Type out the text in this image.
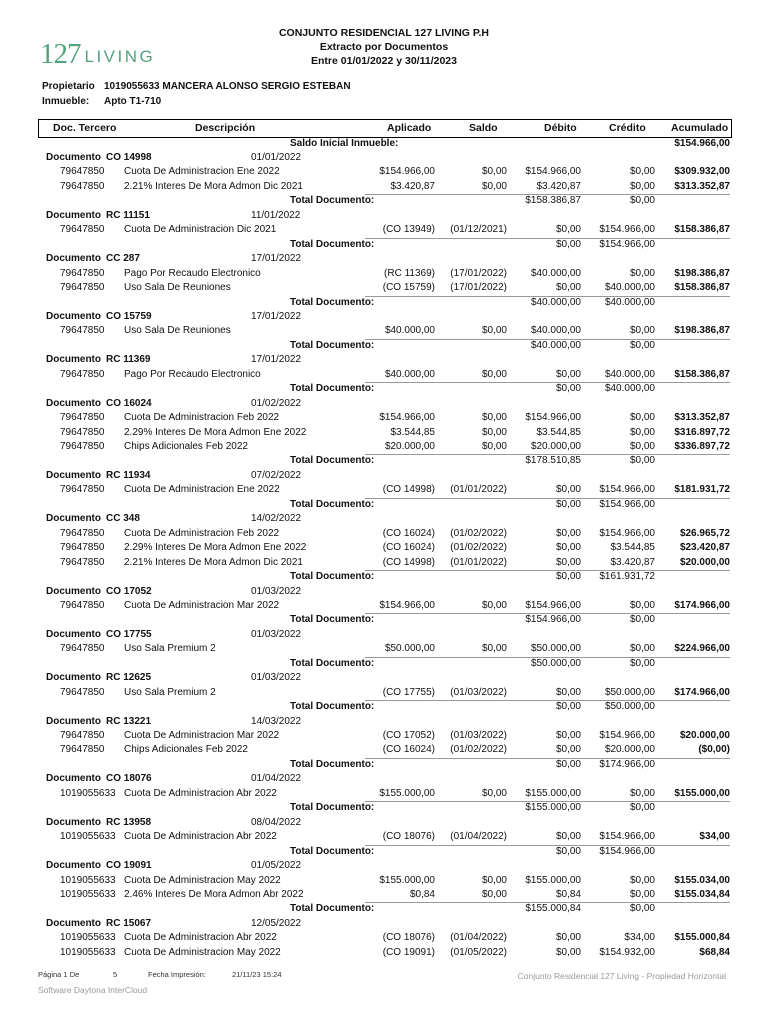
127 LIVING
CONJUNTO RESIDENCIAL 127 LIVING P.H
Extracto por Documentos
Entre 01/01/2022 y 30/11/2023
Propietario 1019055633 MANCERA ALONSO SERGIO ESTEBAN
Inmueble: Apto T1-710
Doc. Tercero	Descripción	Aplicado	Saldo	Débito	Crédito Acumulado
Saldo Inicial Inmueble:	$154.966,00
Documento CO 14998	01/01/2022
79647850 Cuota De Administracion Ene 2022	$154.966,00	$0,00 $154.966,00	$0,00 $309.932,00
79647850 2.21% Interes De Mora Admon Dic 2021	$3.420,87	$0,00	$3.420,87	$0,00 $313.352,87
Total Documento:	$158.386,87	$0,00
Documento RC 11151	11/01/2022
79647850 Cuota De Administracion Dic 2021	(CO 13949) (01/12/2021)	$0,00 $154.966,00 $158.386,87
Total Documento:	$0,00 $154.966,00
Documento CC 287	17/01/2022
79647850 Pago Por Recaudo Electronico	(RC 11369) (17/01/2022) $40.000,00	$0,00 $198.386,87
79647850 Uso Sala De Reuniones	(CO 15759) (17/01/2022)	$0,00 $40.000,00 $158.386,87
Total Documento:	$40.000,00 $40.000,00
Documento CO 15759	17/01/2022
79647850 Uso Sala De Reuniones	$40.000,00	$0,00 $40.000,00	$0,00 $198.386,87
Total Documento:	$40.000,00	$0,00
Documento RC 11369	17/01/2022
79647850 Pago Por Recaudo Electronico	$40.000,00	$0,00	$0,00 $40.000,00 $158.386,87
Total Documento:	$0,00 $40.000,00
Documento CO 16024	01/02/2022
79647850 Cuota De Administracion Feb 2022	$154.966,00	$0,00 $154.966,00	$0,00 $313.352,87
79647850 2.29% Interes De Mora Admon Ene 2022	$3.544,85	$0,00	$3.544,85	$0,00 $316.897,72
79647850 Chips Adicionales Feb 2022	$20.000,00	$0,00 $20.000,00	$0,00 $336.897,72
Total Documento:	$178.510,85	$0,00
Documento RC 11934	07/02/2022
79647850 Cuota De Administracion Ene 2022	(CO 14998) (01/01/2022)	$0,00 $154.966,00 $181.931,72
Total Documento:	$0,00 $154.966,00
Documento CC 348	14/02/2022
79647850 Cuota De Administracion Feb 2022	(CO 16024) (01/02/2022)	$0,00 $154.966,00 $26.965,72
79647850 2.29% Interes De Mora Admon Ene 2022	(CO 16024) (01/02/2022)	$0,00	$3.544,85 $23.420,87
79647850 2.21% Interes De Mora Admon Dic 2021	(CO 14998) (01/01/2022)	$0,00	$3.420,87 $20.000,00
Total Documento:	$0,00 $161.931,72
Documento CO 17052	01/03/2022
79647850 Cuota De Administracion Mar 2022	$154.966,00	$0,00 $154.966,00	$0,00 $174.966,00
Total Documento:	$154.966,00	$0,00
Documento CO 17755	01/03/2022
79647850 Uso Sala Premium 2	$50.000,00	$0,00 $50.000,00	$0,00 $224.966,00
Total Documento:	$50.000,00	$0,00
Documento RC 12625	01/03/2022
79647850 Uso Sala Premium 2	(CO 17755) (01/03/2022)	$0,00 $50.000,00 $174.966,00
Total Documento:	$0,00 $50.000,00
Documento RC 13221	14/03/2022
79647850 Cuota De Administracion Mar 2022	(CO 17052) (01/03/2022)	$0,00 $154.966,00 $20.000,00
79647850 Chips Adicionales Feb 2022	(CO 16024) (01/02/2022)	$0,00 $20.000,00	($0,00)
Total Documento:	$0,00 $174.966,00
Documento CO 18076	01/04/2022
1019055633 Cuota De Administracion Abr 2022	$155.000,00	$0,00 $155.000,00	$0,00 $155.000,00
Total Documento:	$155.000,00	$0,00
Documento RC 13958	08/04/2022
1019055633 Cuota De Administracion Abr 2022	(CO 18076) (01/04/2022)	$0,00 $154.966,00	$34,00
Total Documento:	$0,00 $154.966,00
Documento CO 19091	01/05/2022
1019055633 Cuota De Administracion May 2022	$155.000,00	$0,00 $155.000,00	$0,00 $155.034,00
1019055633 2.46% Interes De Mora Admon Abr 2022	$0,84	$0,00	$0,84	$0,00 $155.034,84
Total Documento:	$155.000,84	$0,00
Documento RC 15067	12/05/2022
1019055633 Cuota De Administracion Abr 2022	(CO 18076) (01/04/2022)	$0,00	$34,00 $155.000,84
1019055633 Cuota De Administracion May 2022	(CO 19091) (01/05/2022)	$0,00 $154.932,00	$68,84
Página 1 De	5	Fecha Impresión:	21/11/23 15:24	Conjunto Residencial 127 Living - Propiedad Horizontal
Software Daytona InterCloud
